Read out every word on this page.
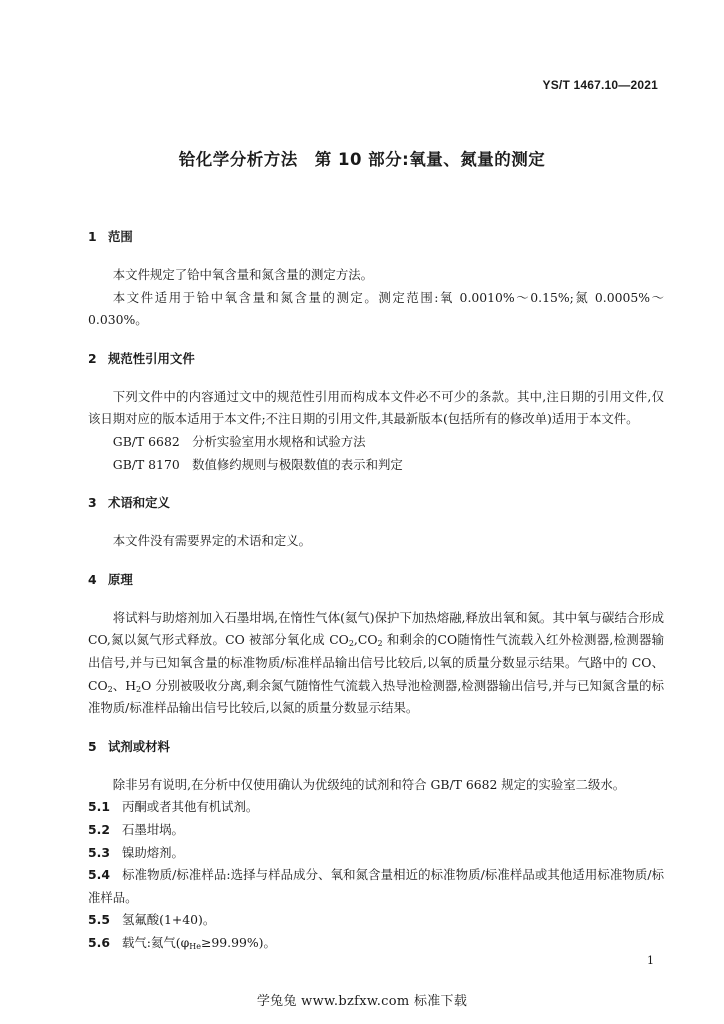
YS/T 1467.10—2021
铪化学分析方法　第 10 部分:氧量、氮量的测定
1 范围

本文件规定了铪中氧含量和氮含量的测定方法。

本文件适用于铪中氧含量和氮含量的测定。测定范围:氧 0.0010%～0.15%;氮 0.0005%～0.030%。

2 规范性引用文件

下列文件中的内容通过文中的规范性引用而构成本文件必不可少的条款。其中,注日期的引用文件,仅该日期对应的版本适用于本文件;不注日期的引用文件,其最新版本(包括所有的修改单)适用于本文件。

GB/T 6682　分析实验室用水规格和试验方法

GB/T 8170　数值修约规则与极限数值的表示和判定

3 术语和定义

本文件没有需要界定的术语和定义。

4 原理

将试料与助熔剂加入石墨坩埚,在惰性气体(氦气)保护下加热熔融,释放出氧和氮。其中氧与碳结合形成CO,氮以氮气形式释放。CO 被部分氧化成 $CO_2,CO_2$ 和剩余的CO随惰性气流载入红外检测器,检测器输出信号,并与已知氧含量的标准物质/标准样品输出信号比较后,以氧的质量分数显示结果。气路中的 CO、$CO_2$、$H_2O$ 分别被吸收分离,剩余氮气随惰性气流载入热导池检测器,检测器输出信号,并与已知氮含量的标准物质/标准样品输出信号比较后,以氮的质量分数显示结果。

5 试剂或材料

除非另有说明,在分析中仅使用确认为优级纯的试剂和符合 GB/T 6682 规定的实验室二级水。

5.1 丙酮或者其他有机试剂。

5.2 石墨坩埚。

5.3 镍助熔剂。

5.4 标准物质/标准样品:选择与样品成分、氧和氮含量相近的标准物质/标准样品或其他适用标准物质/标准样品。

5.5 氢氟酸(1+40)。

5.6 载气:氦气$(\varphi_{He}\ge 99.99\%)$。

1
学兔兔 www.bzfxw.com 标准下载
